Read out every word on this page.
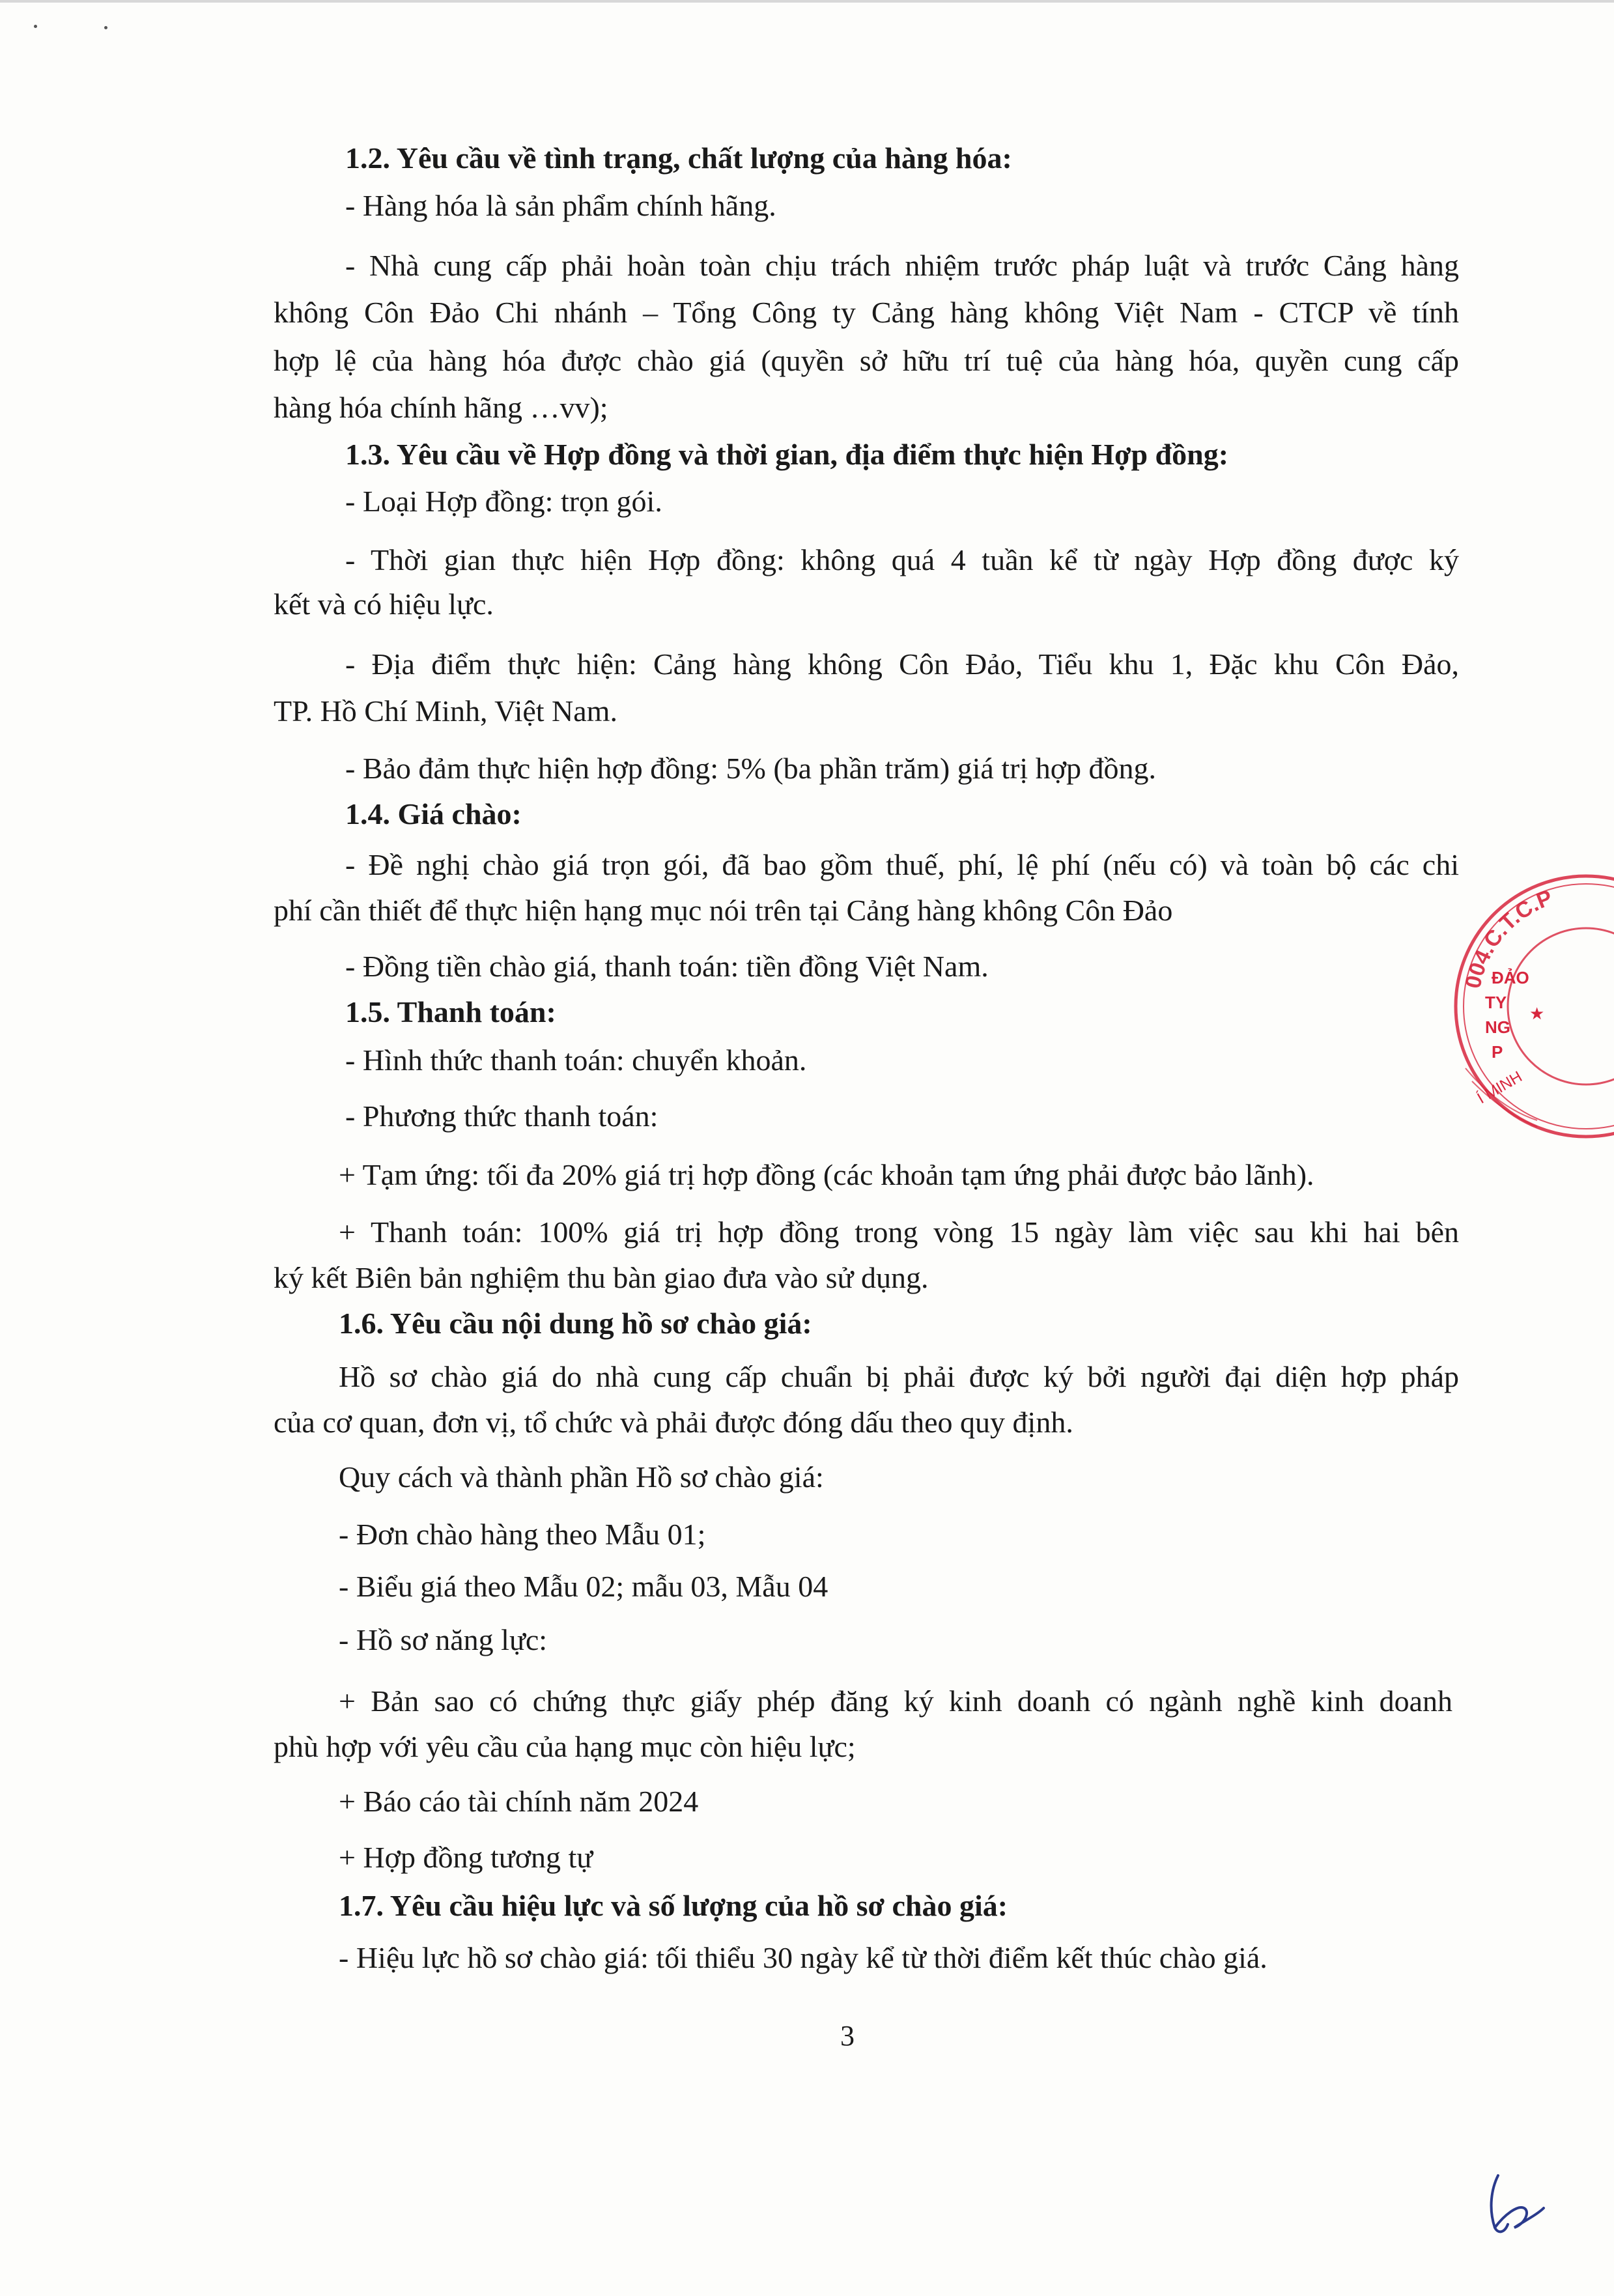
1.2. Yêu cầu về tình trạng, chất lượng của hàng hóa:
- Hàng hóa là sản phẩm chính hãng.
- Nhà cung cấp phải hoàn toàn chịu trách nhiệm trước pháp luật và trước Cảng hàng
không Côn Đảo Chi nhánh – Tổng Công ty Cảng hàng không Việt Nam - CTCP về tính
hợp lệ của hàng hóa được chào giá (quyền sở hữu trí tuệ của hàng hóa, quyền cung cấp
hàng hóa chính hãng …vv);
1.3. Yêu cầu về Hợp đồng và thời gian, địa điểm thực hiện Hợp đồng:
- Loại Hợp đồng: trọn gói.
- Thời gian thực hiện Hợp đồng: không quá 4 tuần kể từ ngày Hợp đồng được ký
kết và có hiệu lực.
- Địa điểm thực hiện: Cảng hàng không Côn Đảo, Tiểu khu 1, Đặc khu Côn Đảo,
TP. Hồ Chí Minh, Việt Nam.
- Bảo đảm thực hiện hợp đồng: 5% (ba phần trăm) giá trị hợp đồng.
1.4. Giá chào:
- Đề nghị chào giá trọn gói, đã bao gồm thuế, phí, lệ phí (nếu có) và toàn bộ các chi
phí cần thiết để thực hiện hạng mục nói trên tại Cảng hàng không Côn Đảo
- Đồng tiền chào giá, thanh toán: tiền đồng Việt Nam.
1.5. Thanh toán:
- Hình thức thanh toán: chuyển khoản.
- Phương thức thanh toán:
+ Tạm ứng: tối đa 20% giá trị hợp đồng (các khoản tạm ứng phải được bảo lãnh).
+ Thanh toán: 100% giá trị hợp đồng trong vòng 15 ngày làm việc sau khi hai bên
ký kết Biên bản nghiệm thu bàn giao đưa vào sử dụng.
1.6. Yêu cầu nội dung hồ sơ chào giá:
Hồ sơ chào giá do nhà cung cấp chuẩn bị phải được ký bởi người đại diện hợp pháp
của cơ quan, đơn vị, tổ chức và phải được đóng dấu theo quy định.
Quy cách và thành phần Hồ sơ chào giá:
- Đơn chào hàng theo Mẫu 01;
- Biểu giá theo Mẫu 02; mẫu 03, Mẫu 04
- Hồ sơ năng lực:
+ Bản sao có chứng thực giấy phép đăng ký kinh doanh có ngành nghề kinh doanh
phù hợp với yêu cầu của hạng mục còn hiệu lực;
+ Báo cáo tài chính năm 2024
+ Hợp đồng tương tự
1.7. Yêu cầu hiệu lực và số lượng của hồ sơ chào giá:
- Hiệu lực hồ sơ chào giá: tối thiểu 30 ngày kể từ thời điểm kết thúc chào giá.
3
004.C.T.C.P
ĐẢO
TY
NG
P
Í MINH
★
